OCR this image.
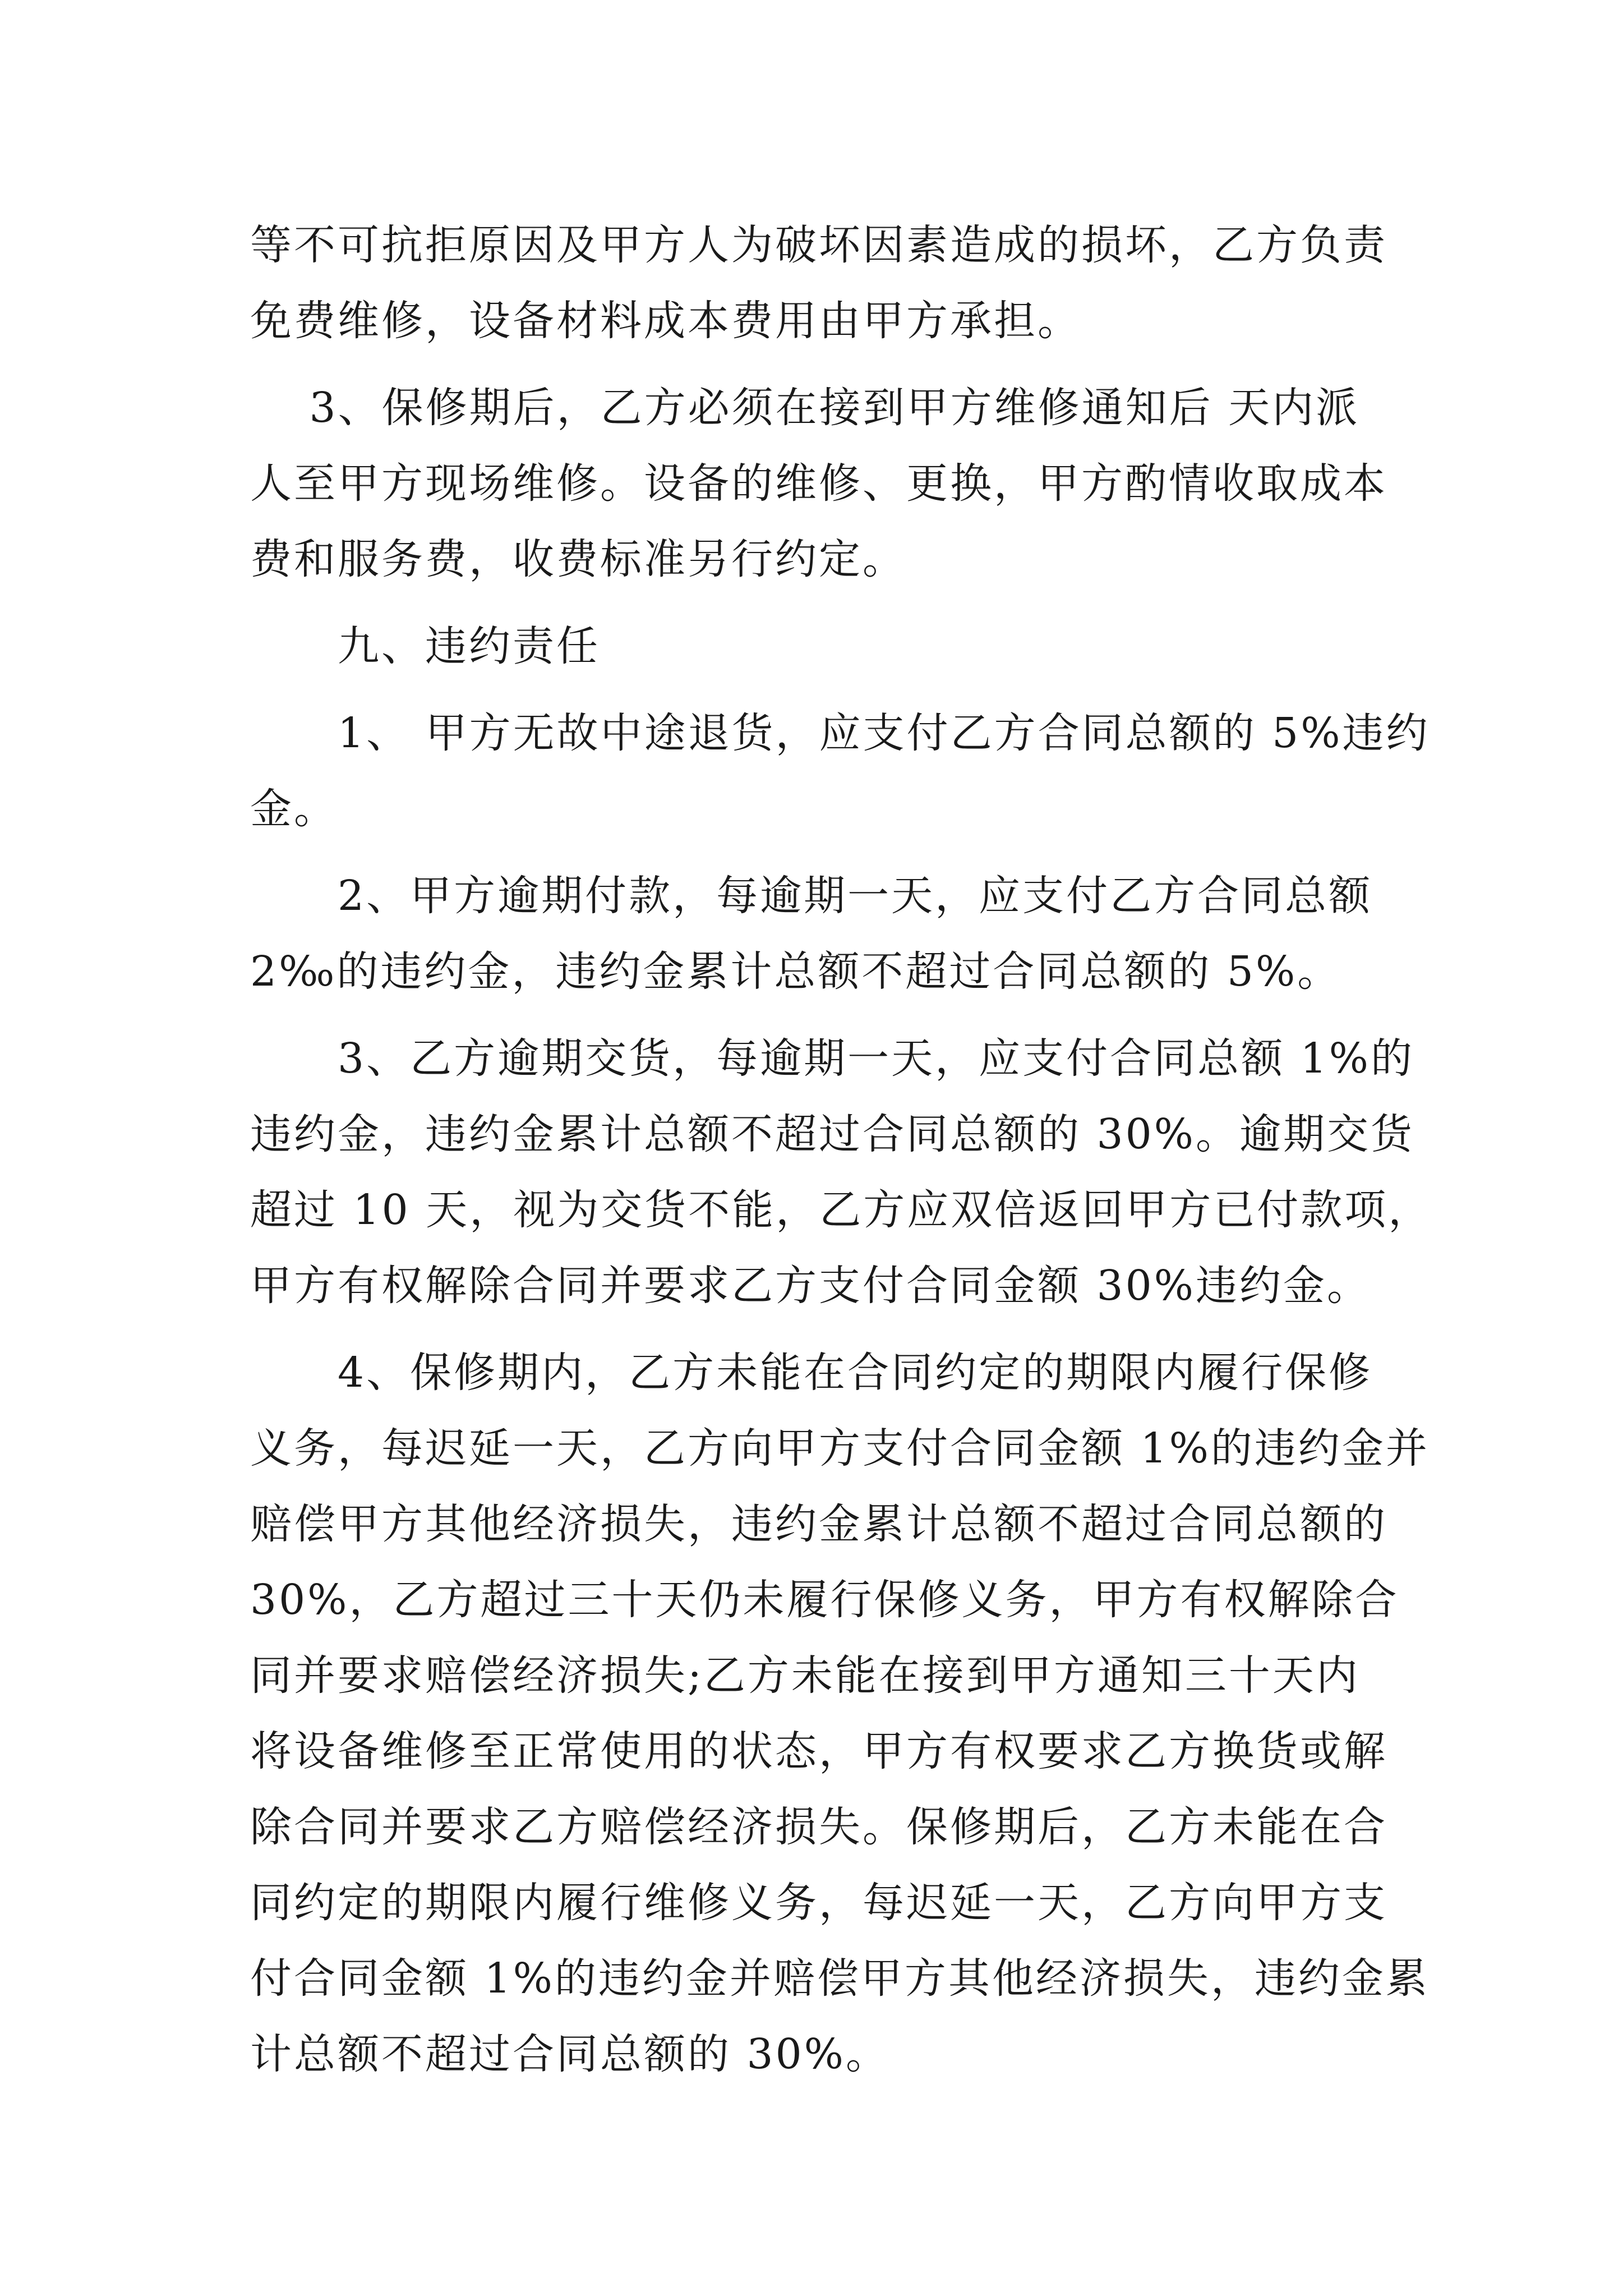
等不可抗拒原因及甲方人为破坏因素造成的损坏，乙方负责
免费维修，设备材料成本费用由甲方承担。
　 3、保修期后，乙方必须在接到甲方维修通知后 天内派
人至甲方现场维修。设备的维修、更换，甲方酌情收取成本
费和服务费，收费标准另行约定。
　　九、违约责任
　　1、 甲方无故中途退货，应支付乙方合同总额的 5%违约
金。
　　2、甲方逾期付款，每逾期一天，应支付乙方合同总额
2‰的违约金，违约金累计总额不超过合同总额的 5%。
　　3、乙方逾期交货，每逾期一天，应支付合同总额 1%的
违约金，违约金累计总额不超过合同总额的 30%。逾期交货
超过 10 天，视为交货不能，乙方应双倍返回甲方已付款项，
甲方有权解除合同并要求乙方支付合同金额 30%违约金。
　　4、保修期内，乙方未能在合同约定的期限内履行保修
义务，每迟延一天，乙方向甲方支付合同金额 1%的违约金并
赔偿甲方其他经济损失，违约金累计总额不超过合同总额的
30%，乙方超过三十天仍未履行保修义务，甲方有权解除合
同并要求赔偿经济损失;乙方未能在接到甲方通知三十天内
将设备维修至正常使用的状态，甲方有权要求乙方换货或解
除合同并要求乙方赔偿经济损失。保修期后，乙方未能在合
同约定的期限内履行维修义务，每迟延一天，乙方向甲方支
付合同金额 1%的违约金并赔偿甲方其他经济损失，违约金累
计总额不超过合同总额的 30%。
